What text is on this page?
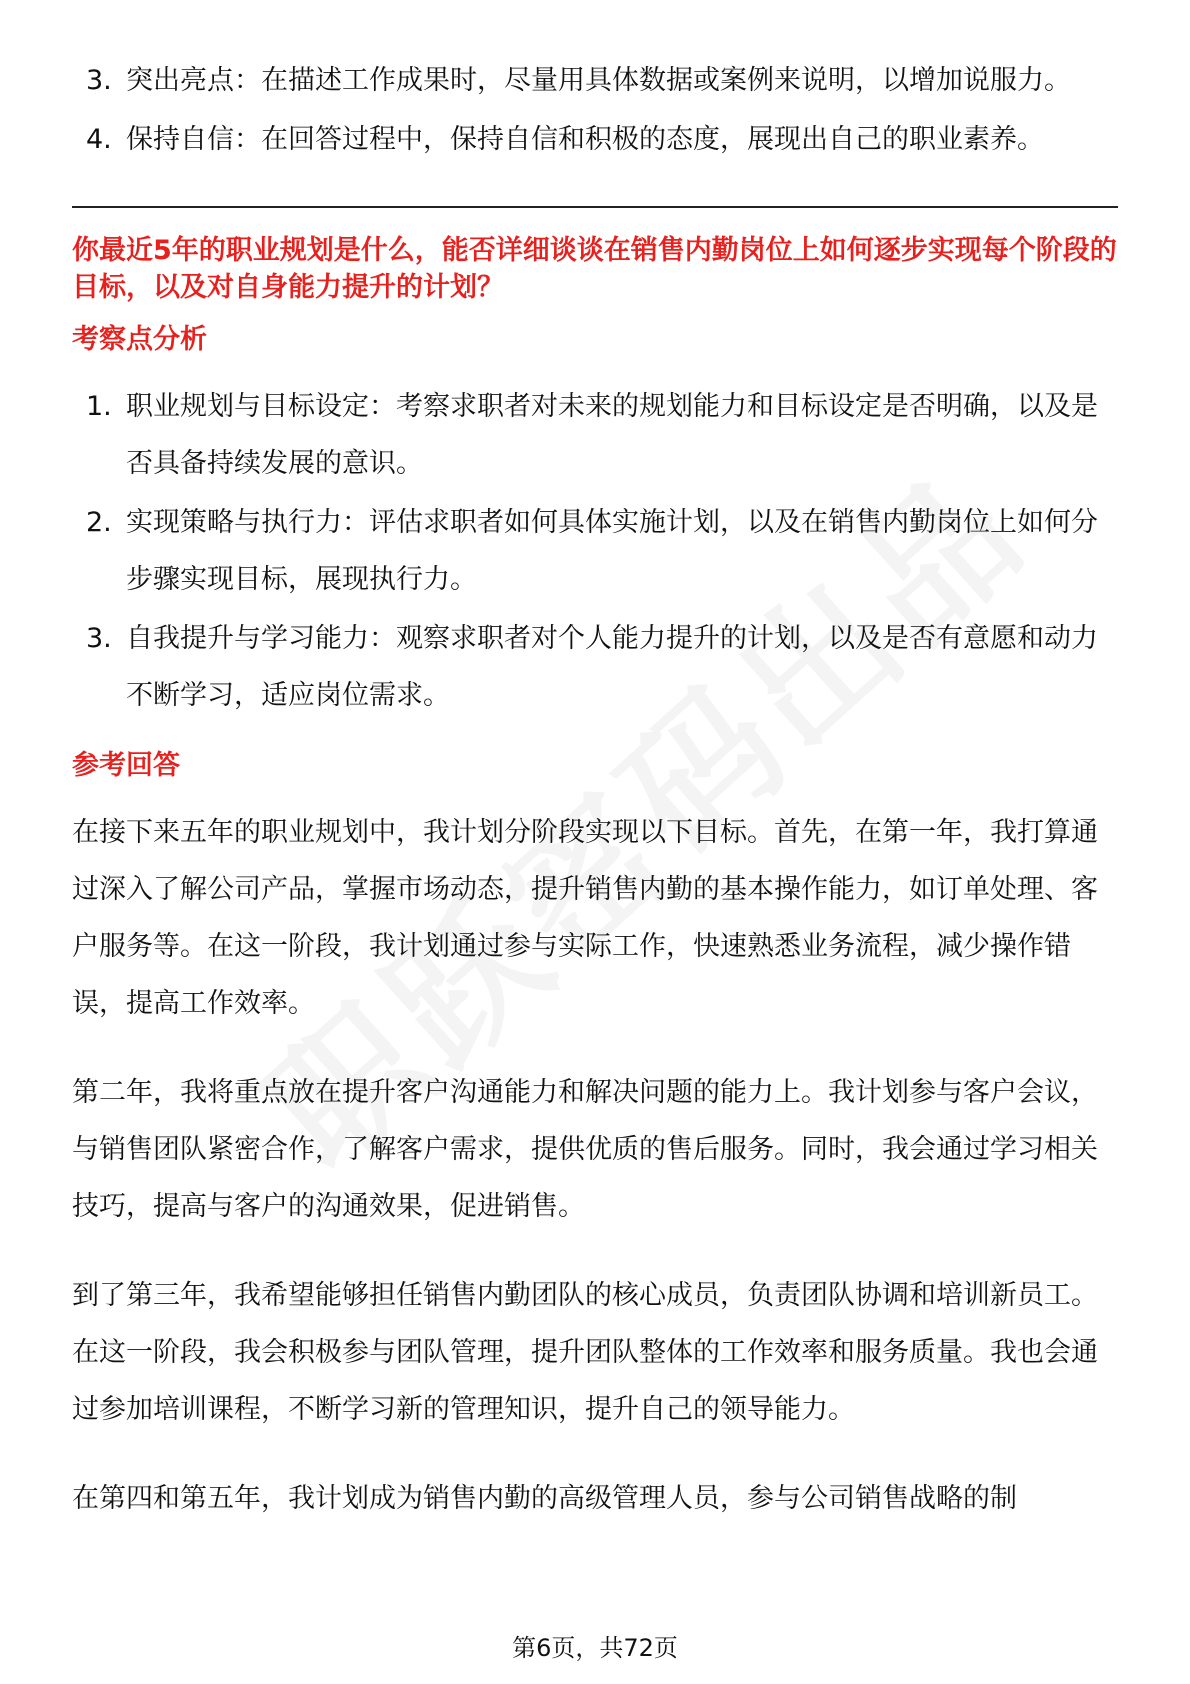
3. 突出亮点：在描述工作成果时，尽量用具体数据或案例来说明，以增加说服力。
4. 保持自信：在回答过程中，保持自信和积极的态度，展现出自己的职业素养。

你最近5年的职业规划是什么，能否详细谈谈在销售内勤岗位上如何逐步实现每个阶段的目标，以及对自身能力提升的计划？

考察点分析

1. 职业规划与目标设定：考察求职者对未来的规划能力和目标设定是否明确，以及是否具备持续发展的意识。
2. 实现策略与执行力：评估求职者如何具体实施计划，以及在销售内勤岗位上如何分步骤实现目标，展现执行力。
3. 自我提升与学习能力：观察求职者对个人能力提升的计划，以及是否有意愿和动力不断学习，适应岗位需求。

参考回答

在接下来五年的职业规划中，我计划分阶段实现以下目标。首先，在第一年，我打算通过深入了解公司产品，掌握市场动态，提升销售内勤的基本操作能力，如订单处理、客户服务等。在这一阶段，我计划通过参与实际工作，快速熟悉业务流程，减少操作错误，提高工作效率。

第二年，我将重点放在提升客户沟通能力和解决问题的能力上。我计划参与客户会议，与销售团队紧密合作，了解客户需求，提供优质的售后服务。同时，我会通过学习相关技巧，提高与客户的沟通效果，促进销售。

到了第三年，我希望能够担任销售内勤团队的核心成员，负责团队协调和培训新员工。在这一阶段，我会积极参与团队管理，提升团队整体的工作效率和服务质量。我也会通过参加培训课程，不断学习新的管理知识，提升自己的领导能力。

在第四和第五年，我计划成为销售内勤的高级管理人员，参与公司销售战略的制

第6页，共72页
